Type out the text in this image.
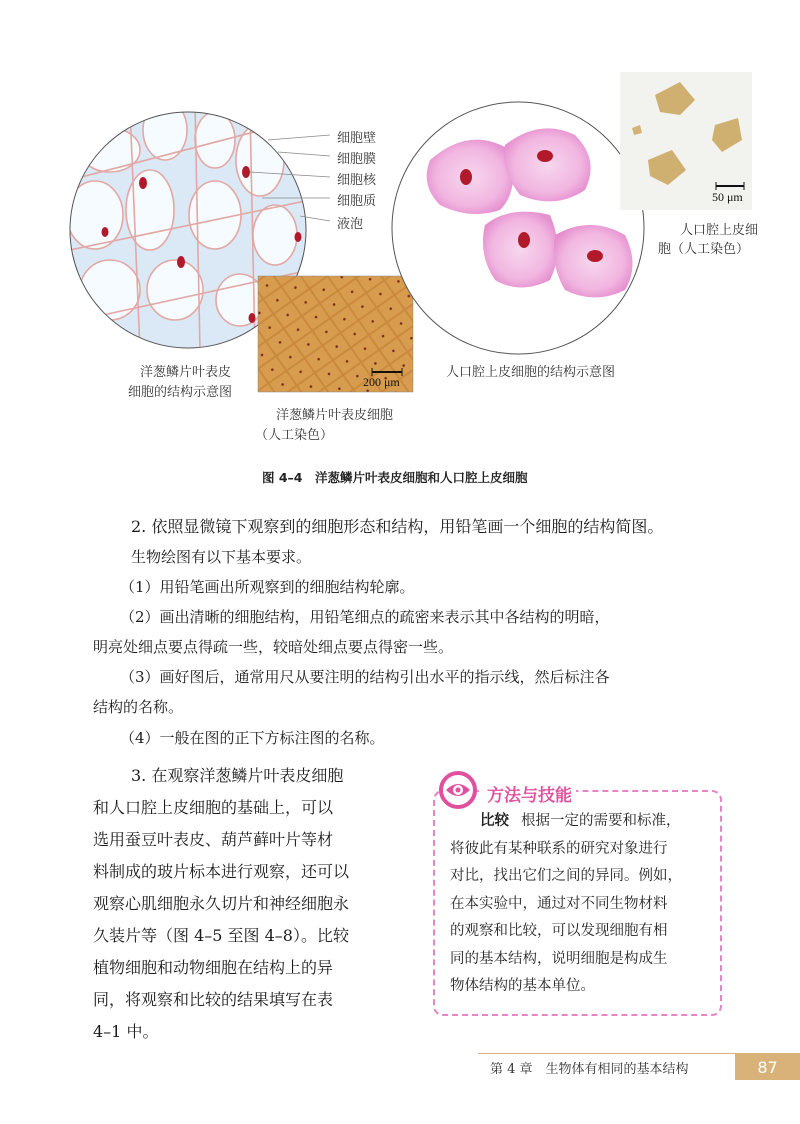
细胞壁
细胞膜
细胞核
细胞质
液泡
洋葱鳞片叶表皮
细胞的结构示意图
200 μm
洋葱鳞片叶表皮细胞
（人工染色）
人口腔上皮细胞的结构示意图
50 μm
人口腔上皮细
胞（人工染色）
图 4–4　洋葱鳞片叶表皮细胞和人口腔上皮细胞
2. 依照显微镜下观察到的细胞形态和结构，用铅笔画一个细胞的结构简图。
生物绘图有以下基本要求。
（1）用铅笔画出所观察到的细胞结构轮廓。
（2）画出清晰的细胞结构，用铅笔细点的疏密来表示其中各结构的明暗，
明亮处细点要点得疏一些，较暗处细点要点得密一些。
（3）画好图后，通常用尺从要注明的结构引出水平的指示线，然后标注各
结构的名称。
（4）一般在图的正下方标注图的名称。
3. 在观察洋葱鳞片叶表皮细胞
和人口腔上皮细胞的基础上，可以
选用蚕豆叶表皮、葫芦藓叶片等材
料制成的玻片标本进行观察，还可以
观察心肌细胞永久切片和神经细胞永
久装片等（图 4–5 至图 4–8）。比较
植物细胞和动物细胞在结构上的异
同，将观察和比较的结果填写在表
4–1 中。
方法与技能
比较 根据一定的需要和标准，
将彼此有某种联系的研究对象进行
对比，找出它们之间的异同。例如，
在本实验中，通过对不同生物材料
的观察和比较，可以发现细胞有相
同的基本结构，说明细胞是构成生
物体结构的基本单位。
第 4 章　生物体有相同的基本结构	87
